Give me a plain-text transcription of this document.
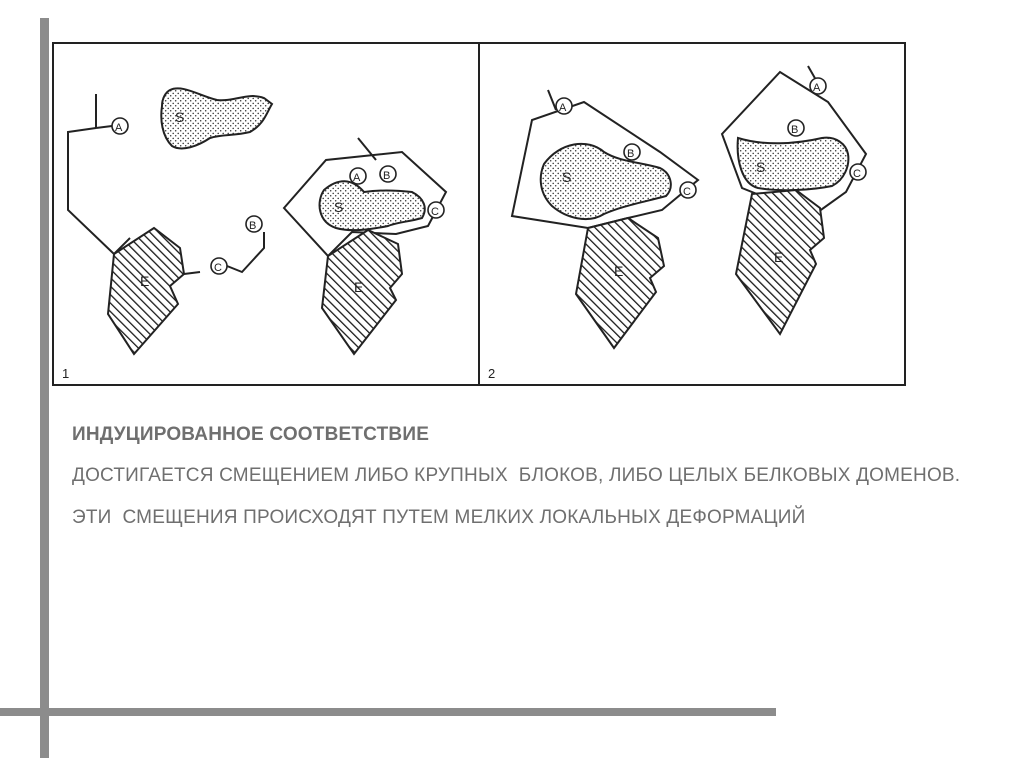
S
A
E
C
B
S
A B
C
E
1
S
A
B
C
E
S
A
B
C
E
2
ИНДУЦИРОВАННОЕ СООТВЕТСТВИЕ
ДОСТИГАЕТСЯ СМЕЩЕНИЕМ ЛИБО КРУПНЫХ  БЛОКОВ, ЛИБО ЦЕЛЫХ БЕЛКОВЫХ ДОМЕНОВ.
ЭТИ  СМЕЩЕНИЯ ПРОИСХОДЯТ ПУТЕМ МЕЛКИХ ЛОКАЛЬНЫХ ДЕФОРМАЦИЙ
